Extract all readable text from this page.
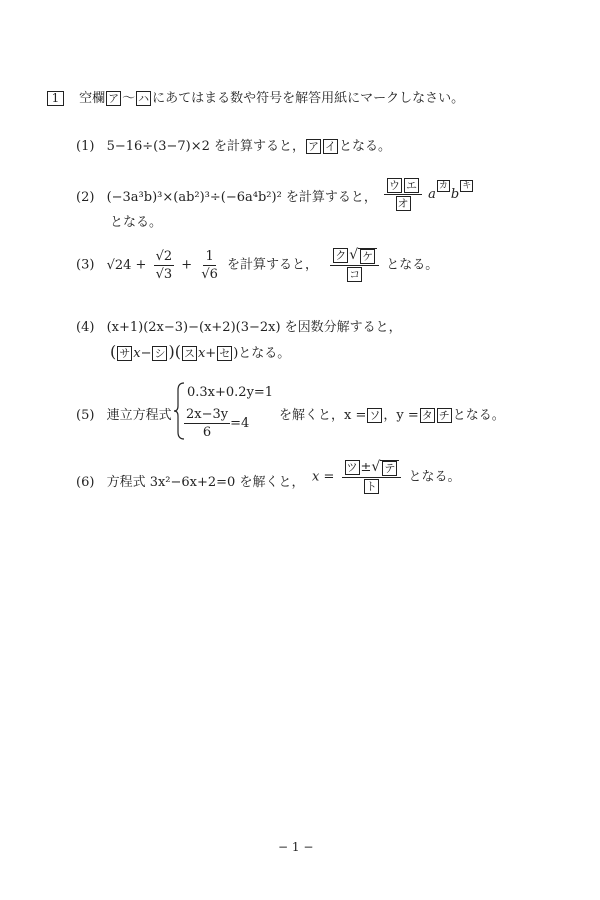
1 空欄 ア ～ ハ にあてはまる数や符号を解答用紙にマークしなさい。
(1) 5−16÷(3−7)×2 を計算すると， ア イ となる。
(2) (−3a³b)³×(ab²)³÷(−6a⁴b²)² を計算すると， $\frac{\text{ウ エ}}{\text{オ}}$ aカbキ
となる。
(3) $√24 + \frac{√2}{√3} + \frac{1}{√6}$ を計算すると， $\frac{\text{ク √ ケ}}{\text{コ}}$ となる。
(4) (x+1)(2x−3)−(x+2)(3−2x) を因数分解すると，
( サ x− シ )( ス x+ セ )となる。
(5) 連立方程式
0.3x+0.2y=1
$\frac{2x-3y}{6} =4$
を解くと，x = ソ ，y = タ チ となる。
(6) 方程式 3x²−6x+2=0 を解くと， $x = \frac{\text{ツ ± √ テ}}{\text{ト}}$ となる。
− 1 −
